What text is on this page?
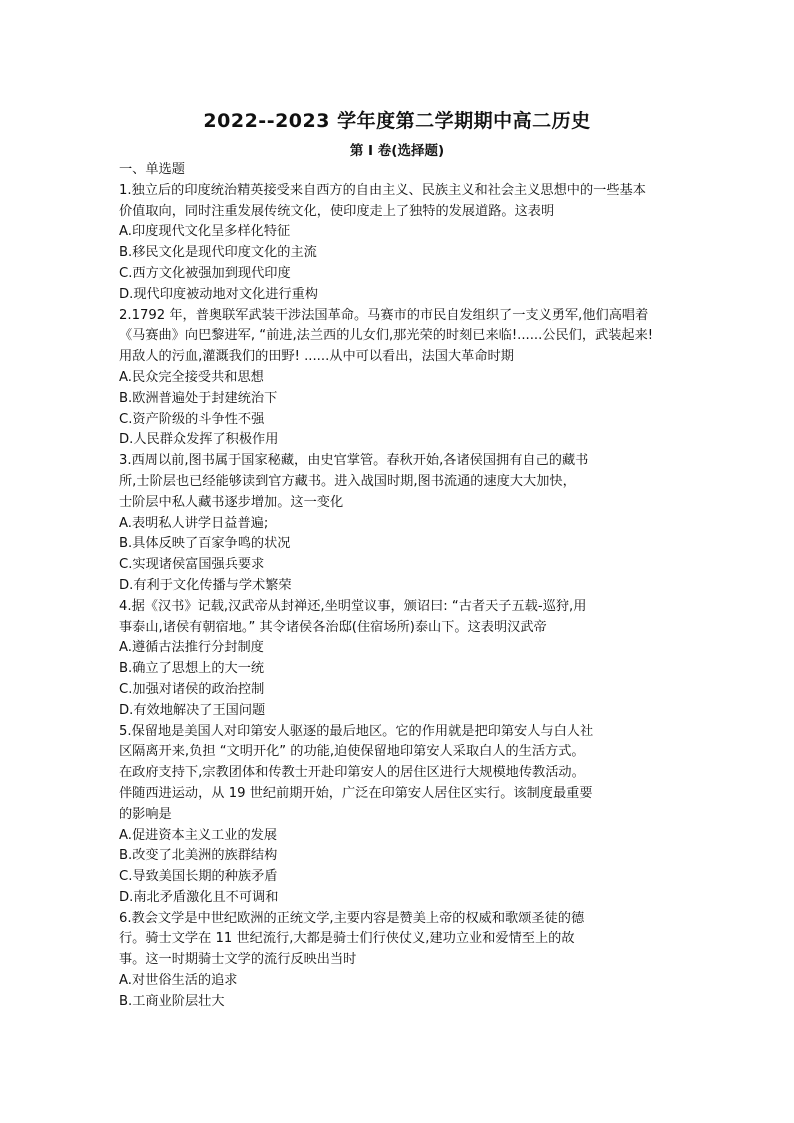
2022--2023 学年度第二学期期中高二历史
第 I 卷(选择题)
一、单选题
1.独立后的印度统治精英接受来自西方的自由主义、民族主义和社会主义思想中的一些基本
价值取向，同时注重发展传统文化，使印度走上了独特的发展道路。这表明
A.印度现代文化呈多样化特征
B.移民文化是现代印度文化的主流
C.西方文化被强加到现代印度
D.现代印度被动地对文化进行重构
2.1792 年，普奥联军武装干涉法国革命。马赛市的市民自发组织了一支义勇军,他们高唱着
《马赛曲》向巴黎进军, “前进,法兰西的儿女们,那光荣的时刻已来临!......公民们，武装起来!
用敌人的污血,灌溉我们的田野! ......从中可以看出，法国大革命时期
A.民众完全接受共和思想
B.欧洲普遍处于封建统治下
C.资产阶级的斗争性不强
D.人民群众发挥了积极作用
3.西周以前,图书属于国家秘藏，由史官掌管。春秋开始,各诸侯国拥有自己的藏书
所,士阶层也已经能够读到官方藏书。进入战国时期,图书流通的速度大大加快，
士阶层中私人藏书逐步增加。这一变化
A.表明私人讲学日益普遍;
B.具体反映了百家争鸣的状况
C.实现诸侯富国强兵要求
D.有利于文化传播与学术繁荣
4.据《汉书》记载,汉武帝从封禅还,坐明堂议事，颁诏曰: “古者天子五载-巡狩,用
事泰山,诸侯有朝宿地。” 其令诸侯各治邸(住宿场所)泰山下。这表明汉武帝
A.遵循古法推行分封制度
B.确立了思想上的大一统
C.加强对诸侯的政治控制
D.有效地解决了王国问题
5.保留地是美国人对印第安人驱逐的最后地区。它的作用就是把印第安人与白人社
区隔离开来,负担 “文明开化” 的功能,迫使保留地印第安人采取白人的生活方式。
在政府支持下,宗教团体和传教士开赴印第安人的居住区进行大规模地传教活动。
伴随西进运动，从 19 世纪前期开始，广泛在印第安人居住区实行。该制度最重要
的影响是
A.促进资本主义工业的发展
B.改变了北美洲的族群结构
C.导致美国长期的种族矛盾
D.南北矛盾激化且不可调和
6.教会文学是中世纪欧洲的正统文学,主要内容是赞美上帝的权威和歌颂圣徒的德
行。骑士文学在 11 世纪流行,大都是骑士们行侠仗义,建功立业和爱情至上的故
事。这一时期骑士文学的流行反映出当时
A.对世俗生活的追求
B.工商业阶层壮大
